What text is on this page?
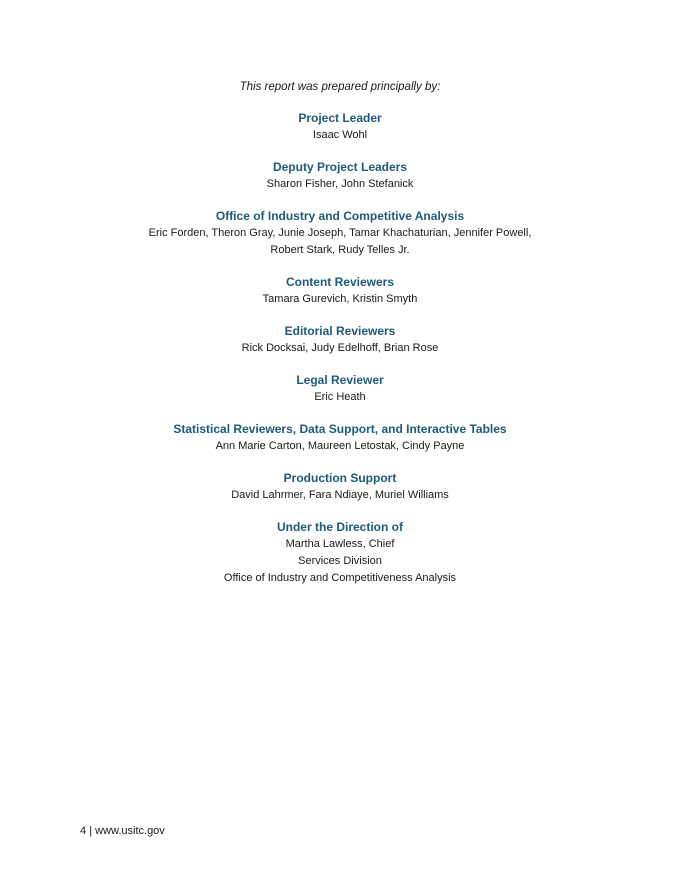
This report was prepared principally by:

Project Leader

Isaac Wohl

Deputy Project Leaders

Sharon Fisher, John Stefanick

Office of Industry and Competitive Analysis

Eric Forden, Theron Gray, Junie Joseph, Tamar Khachaturian, Jennifer Powell,

Robert Stark, Rudy Telles Jr.

Content Reviewers

Tamara Gurevich, Kristin Smyth

Editorial Reviewers

Rick Docksai, Judy Edelhoff, Brian Rose

Legal Reviewer

Eric Heath

Statistical Reviewers, Data Support, and Interactive Tables

Ann Marie Carton, Maureen Letostak, Cindy Payne

Production Support

David Lahrmer, Fara Ndiaye, Muriel Williams

Under the Direction of

Martha Lawless, Chief

Services Division

Office of Industry and Competitiveness Analysis

4 | www.usitc.gov
